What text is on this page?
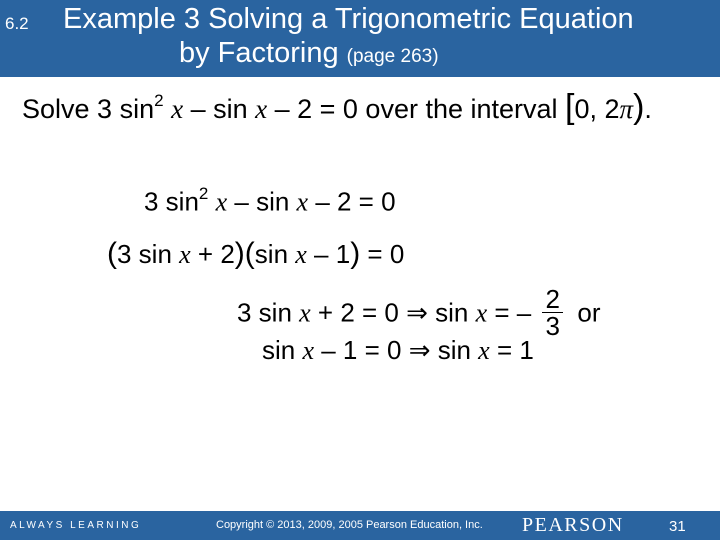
6.2 Example 3 Solving a Trigonometric Equation
by Factoring (page 263)
Solve 3 $\sin^2 x - \sin x - 2 = 0$ over the interval [0, 2π).
3 $\sin^2 x - \sin x - 2 = 0$
(3 sin x + 2)(sin x – 1) = 0
3 sin x + 2 = 0 ⇒ sin x = – $\frac{2}{3}$ or
sin x – 1 = 0 ⇒ sin x = 1
ALWAYS LEARNING	Copyright © 2013, 2009, 2005 Pearson Education, Inc. PEARSON	31
